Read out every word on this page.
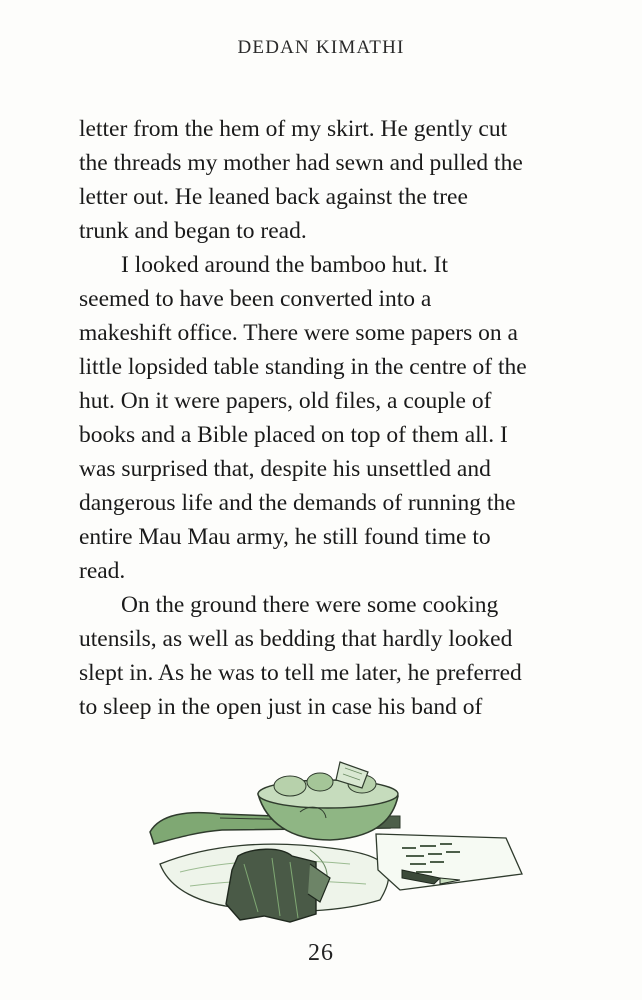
DEDAN KIMATHI
letter from the hem of my skirt. He gently cut
the threads my mother had sewn and pulled the
letter out. He leaned back against the tree
trunk and began to read.
I looked around the bamboo hut. It
seemed to have been converted into a
makeshift office. There were some papers on a
little lopsided table standing in the centre of the
hut. On it were papers, old files, a couple of
books and a Bible placed on top of them all. I
was surprised that, despite his unsettled and
dangerous life and the demands of running the
entire Mau Mau army, he still found time to
read.
On the ground there were some cooking
utensils, as well as bedding that hardly looked
slept in. As he was to tell me later, he preferred
to sleep in the open just in case his band of
26
